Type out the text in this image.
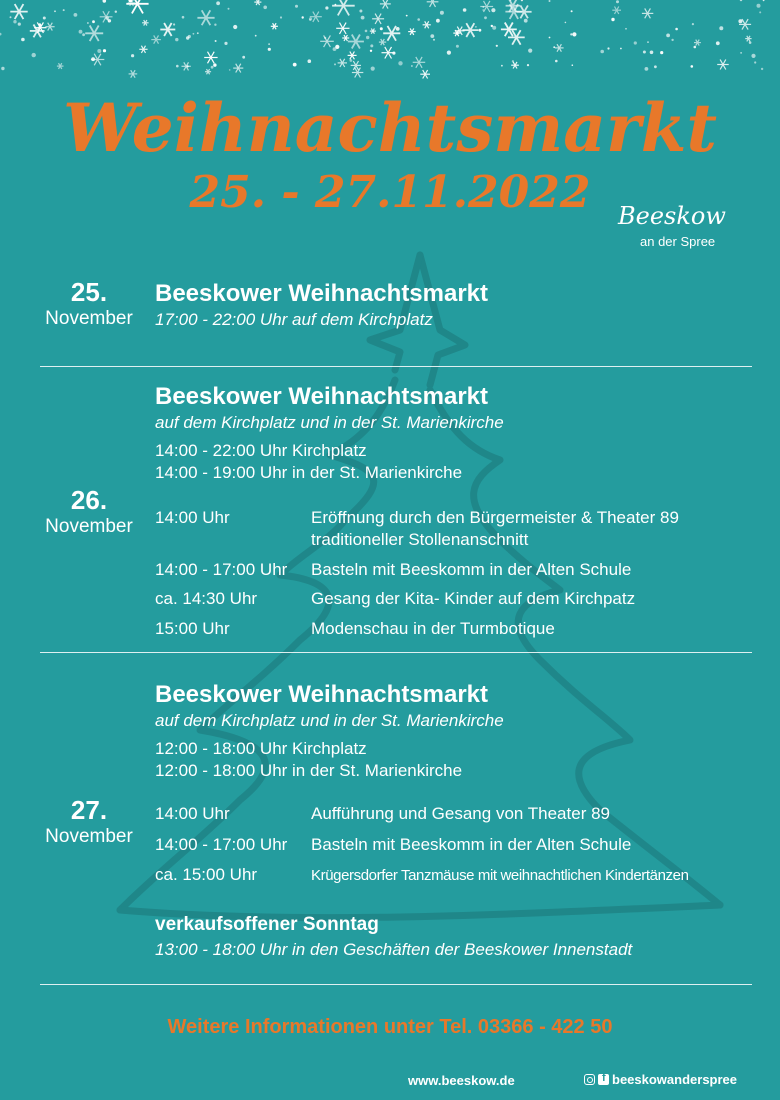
Weihnachtsmarkt
25. - 27.11.2022	Beeskow
an der Spree
25.
November
Beeskower Weihnachtsmarkt
17:00 - 22:00 Uhr auf dem Kirchplatz
26.
November
Beeskower Weihnachtsmarkt
auf dem Kirchplatz und in der St. Marienkirche
14:00 - 22:00 Uhr Kirchplatz
14:00 - 19:00 Uhr in der St. Marienkirche
14:00 Uhr	Eröffnung durch den Bürgermeister & Theater 89
traditioneller Stollenanschnitt
14:00 - 17:00 Uhr Basteln mit Beeskomm in der Alten Schule
ca. 14:30 Uhr	Gesang der Kita- Kinder auf dem Kirchpatz
15:00 Uhr	Modenschau in der Turmbotique
27.
November
Beeskower Weihnachtsmarkt
auf dem Kirchplatz und in der St. Marienkirche
12:00 - 18:00 Uhr Kirchplatz
12:00 - 18:00 Uhr in der St. Marienkirche
14:00 Uhr	Aufführung und Gesang von Theater 89
14:00 - 17:00 Uhr Basteln mit Beeskomm in der Alten Schule
ca. 15:00 Uhr	Krügersdorfer Tanzmäuse mit weihnachtlichen Kindertänzen
verkaufsoffener Sonntag
13:00 - 18:00 Uhr in den Geschäften der Beeskower Innenstadt
Weitere Informationen unter Tel. 03366 - 422 50
www.beeskow.de
f	beeskowanderspree
